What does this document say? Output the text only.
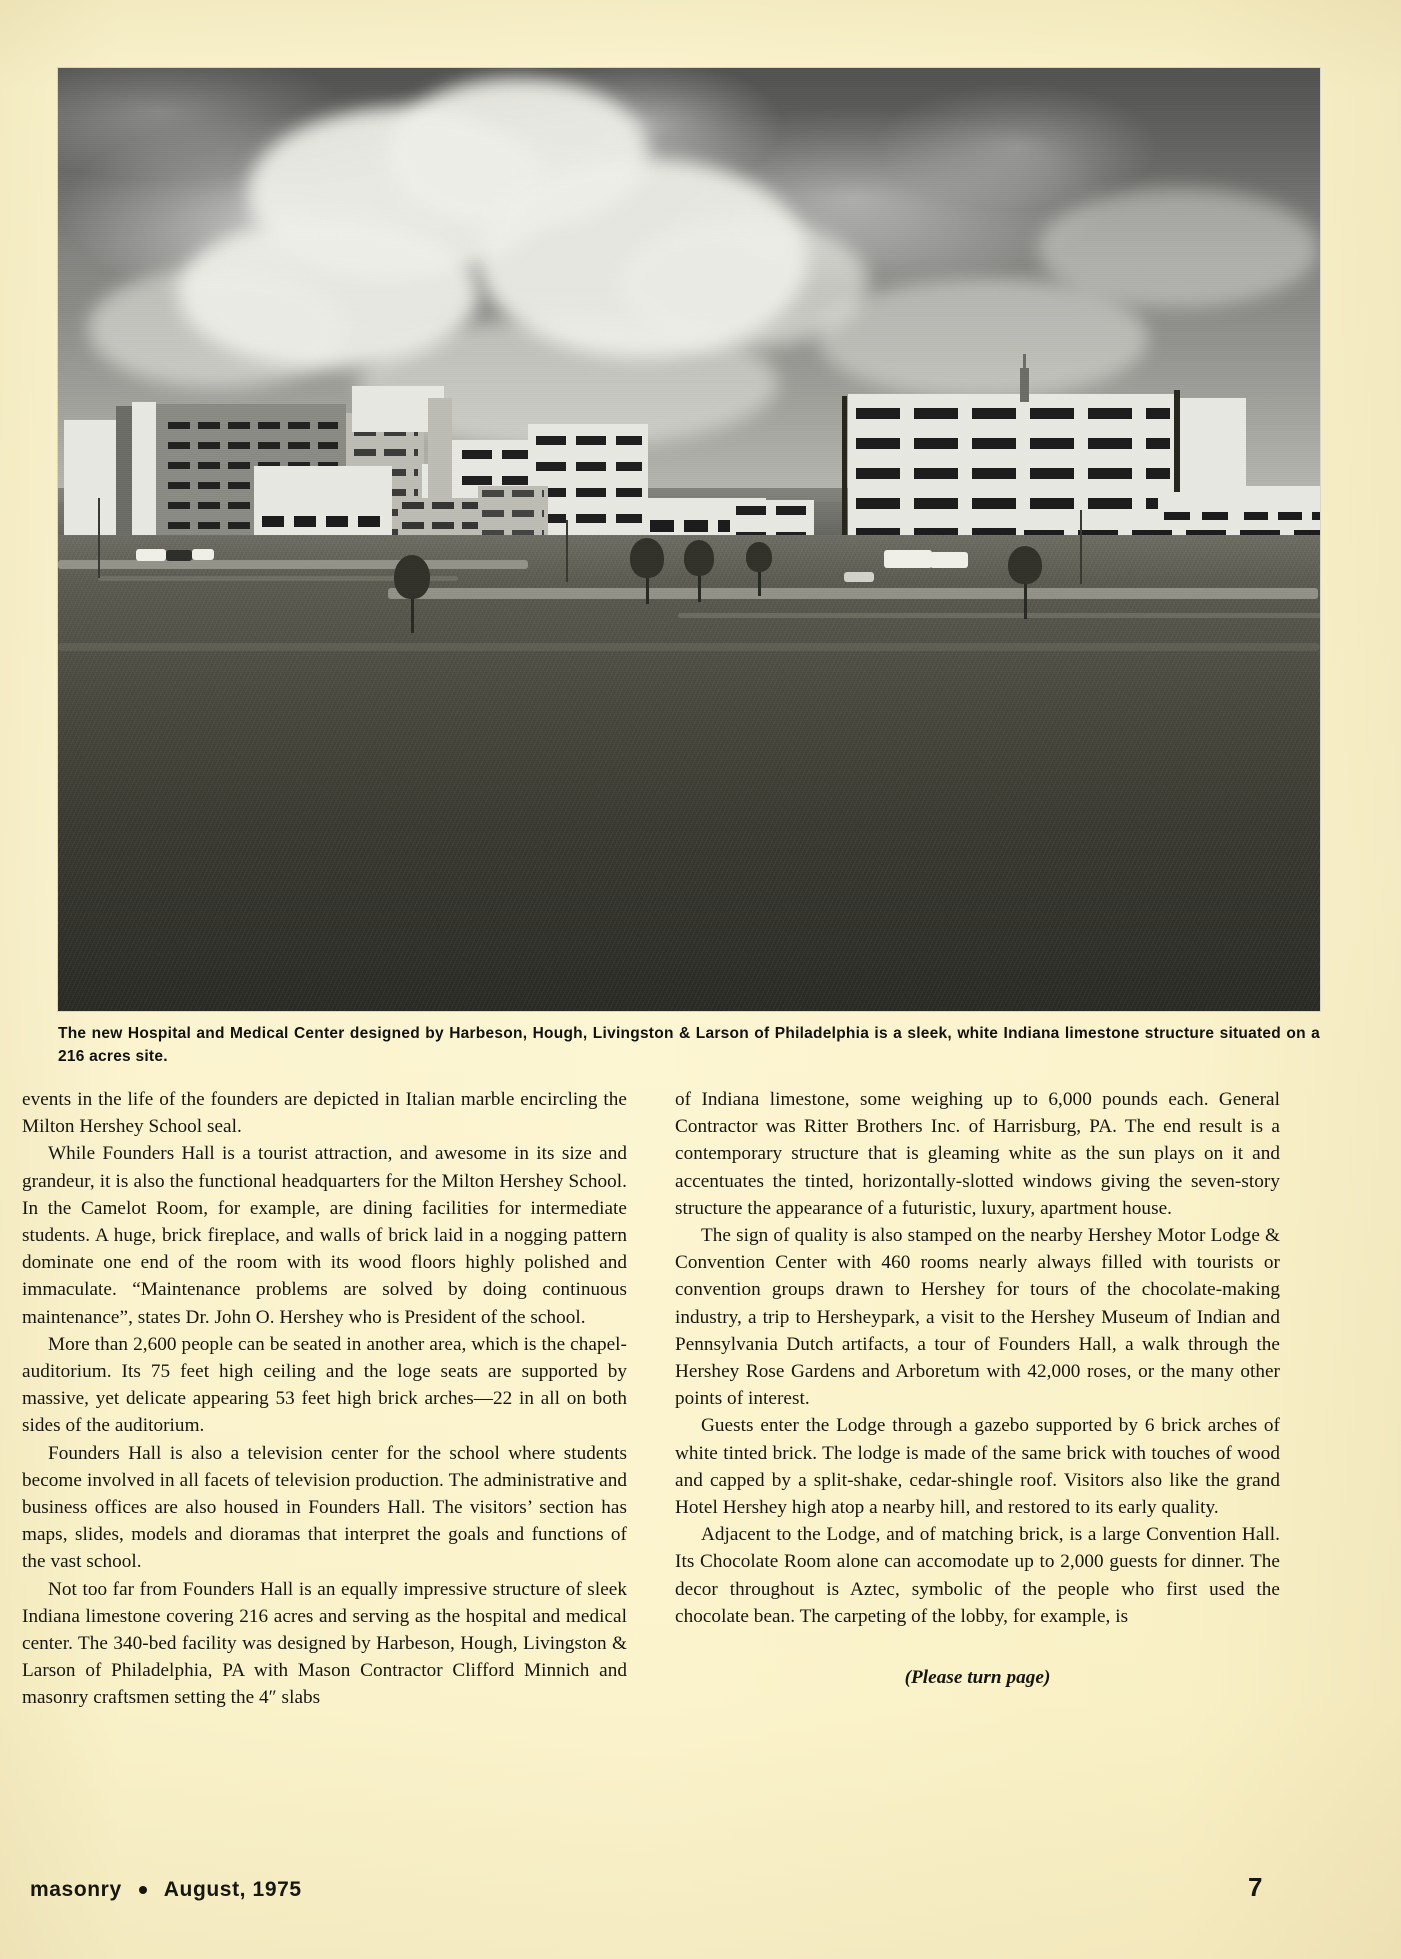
The new Hospital and Medical Center designed by Harbeson, Hough, Livingston & Larson of Philadelphia is a sleek, white Indiana limestone structure situated on a 216 acres site.

events in the life of the founders are depicted in Italian marble encircling the Milton Hershey School seal.

While Founders Hall is a tourist attraction, and awesome in its size and grandeur, it is also the functional headquarters for the Milton Hershey School. In the Camelot Room, for example, are dining facilities for intermediate students. A huge, brick fireplace, and walls of brick laid in a nogging pattern dominate one end of the room with its wood floors highly polished and immaculate. “Maintenance problems are solved by doing continuous maintenance”, states Dr. John O. Hershey who is President of the school.

More than 2,600 people can be seated in another area, which is the chapel-auditorium. Its 75 feet high ceiling and the loge seats are supported by massive, yet delicate appearing 53 feet high brick arches—22 in all on both sides of the auditorium.

Founders Hall is also a television center for the school where students become involved in all facets of television production. The administrative and business offices are also housed in Founders Hall. The visitors’ section has maps, slides, models and dioramas that interpret the goals and functions of the vast school.

Not too far from Founders Hall is an equally impressive structure of sleek Indiana limestone covering 216 acres and serving as the hospital and medical center. The 340-bed facility was designed by Harbeson, Hough, Livingston & Larson of Philadelphia, PA with Mason Contractor Clifford Minnich and masonry craftsmen setting the 4″ slabs

of Indiana limestone, some weighing up to 6,000 pounds each. General Contractor was Ritter Brothers Inc. of Harrisburg, PA. The end result is a contemporary structure that is gleaming white as the sun plays on it and accentuates the tinted, horizontally-slotted windows giving the seven-story structure the appearance of a futuristic, luxury, apartment house.

The sign of quality is also stamped on the nearby Hershey Motor Lodge & Convention Center with 460 rooms nearly always filled with tourists or convention groups drawn to Hershey for tours of the chocolate-making industry, a trip to Hersheypark, a visit to the Hershey Museum of Indian and Pennsylvania Dutch artifacts, a tour of Founders Hall, a walk through the Hershey Rose Gardens and Arboretum with 42,000 roses, or the many other points of interest.

Guests enter the Lodge through a gazebo supported by 6 brick arches of white tinted brick. The lodge is made of the same brick with touches of wood and capped by a split-shake, cedar-shingle roof. Visitors also like the grand Hotel Hershey high atop a nearby hill, and restored to its early quality.

Adjacent to the Lodge, and of matching brick, is a large Convention Hall. Its Chocolate Room alone can accomodate up to 2,000 guests for dinner. The decor throughout is Aztec, symbolic of the people who first used the chocolate bean. The carpeting of the lobby, for example, is

(Please turn page)

masonry August, 1975	7
